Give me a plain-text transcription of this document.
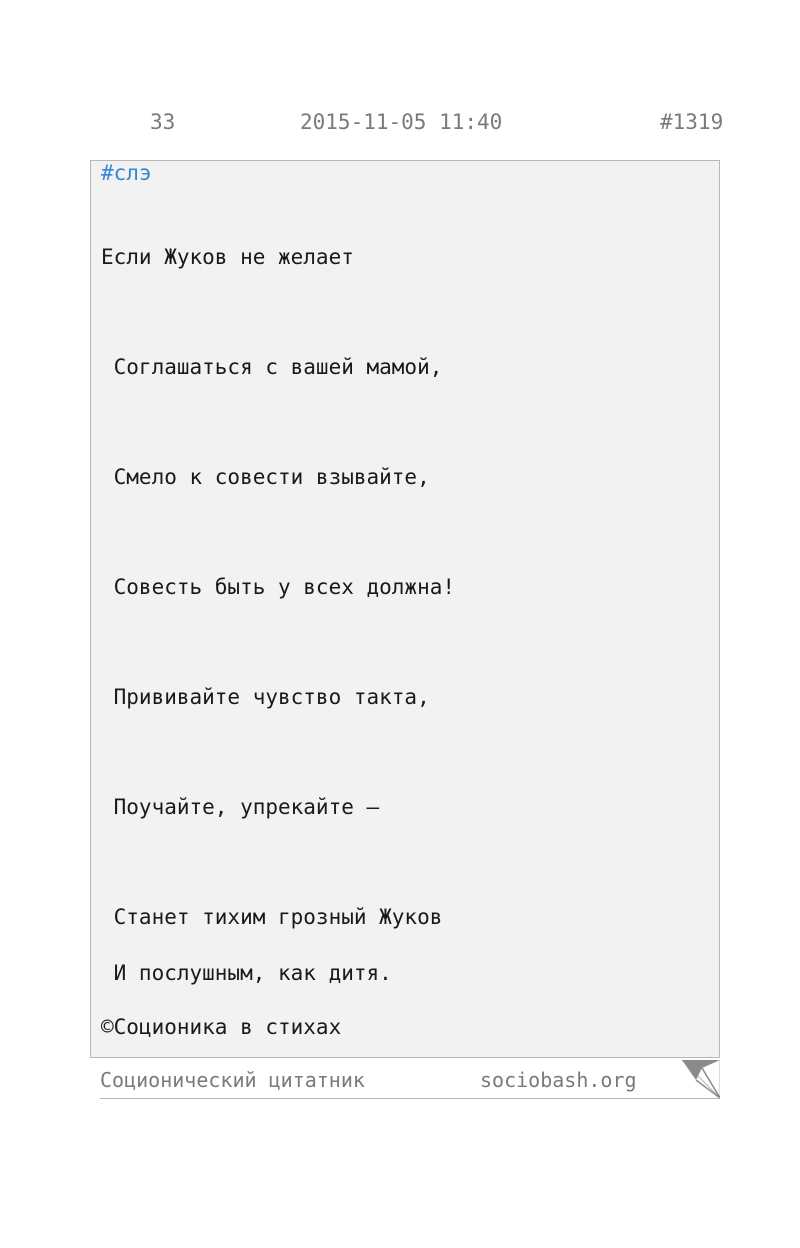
33	2015-11-05 11:40	#1319
#слэ
Если Жуков не желает
Соглашаться с вашей мамой,
Смело к совести взывайте,
Совесть быть у всех должна!
Прививайте чувство такта,
Поучайте, упрекайте –
Станет тихим грозный Жуков
И послушным, как дитя.
©Соционика в стихах
Соционический цитатник	sociobash.org
